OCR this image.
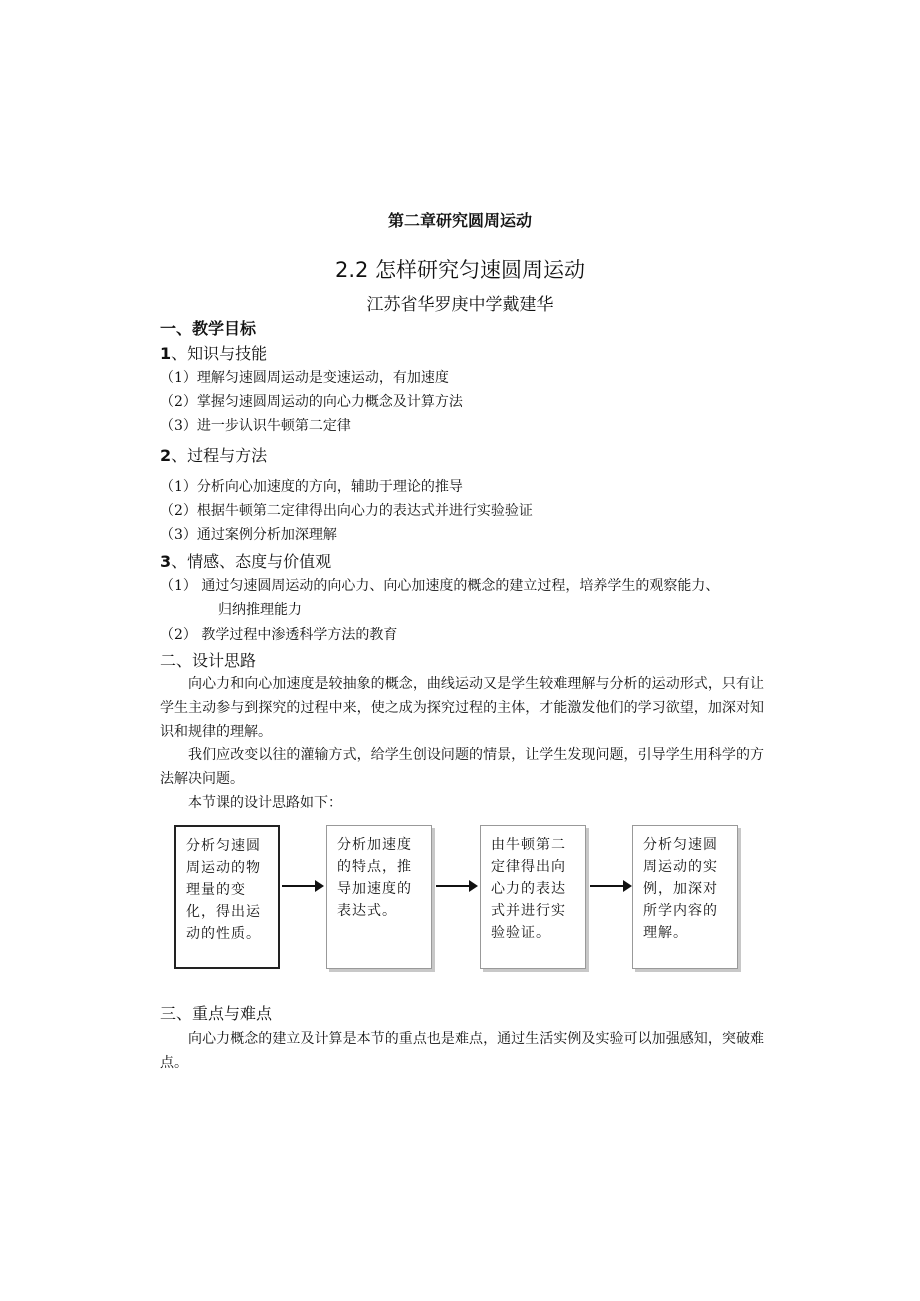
第二章研究圆周运动
2.2 怎样研究匀速圆周运动
江苏省华罗庚中学戴建华
一、教学目标
1、知识与技能
（1）理解匀速圆周运动是变速运动，有加速度
（2）掌握匀速圆周运动的向心力概念及计算方法
（3）进一步认识牛顿第二定律
2、过程与方法
（1）分析向心加速度的方向，辅助于理论的推导
（2）根据牛顿第二定律得出向心力的表达式并进行实验验证
（3）通过案例分析加深理解
3、情感、态度与价值观
（1） 通过匀速圆周运动的向心力、向心加速度的概念的建立过程，培养学生的观察能力、
归纳推理能力
（2） 教学过程中渗透科学方法的教育
二、设计思路
向心力和向心加速度是较抽象的概念，曲线运动又是学生较难理解与分析的运动形式，只有让学生主动参与到探究的过程中来，使之成为探究过程的主体，才能激发他们的学习欲望，加深对知识和规律的理解。
我们应改变以往的灌输方式，给学生创设问题的情景，让学生发现问题，引导学生用科学的方法解决问题。
本节课的设计思路如下：
分析匀速圆周运动的物理量的变化，得出运动的性质。
分析加速度的特点，推导加速度的表达式。
由牛顿第二定律得出向心力的表达式并进行实验验证。
分析匀速圆周运动的实例，加深对所学内容的理解。
三、重点与难点
向心力概念的建立及计算是本节的重点也是难点，通过生活实例及实验可以加强感知，突破难点。
